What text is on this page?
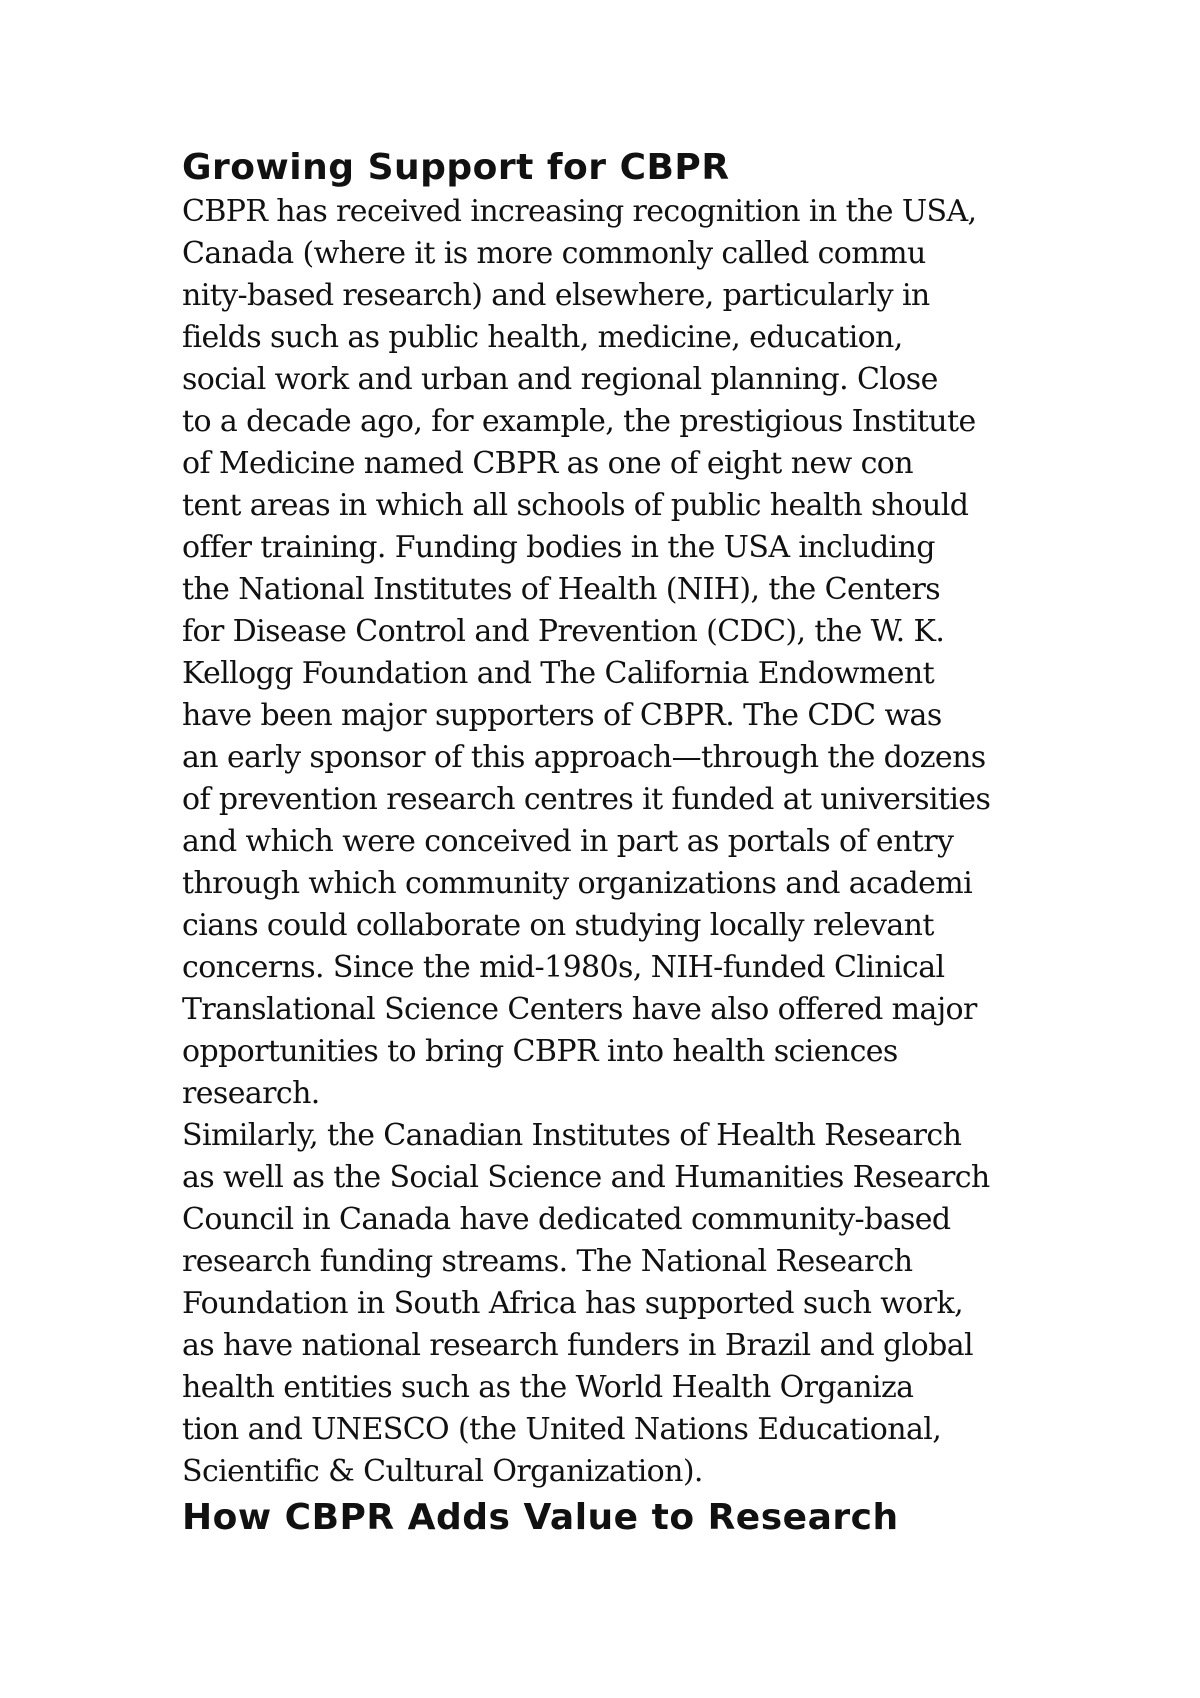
Growing Support for CBPR

CBPR has received increasing recognition in the USA,
Canada (where it is more commonly called commu
nity-based research) and elsewhere, particularly in
fields such as public health, medicine, education,
social work and urban and regional planning. Close
to a decade ago, for example, the prestigious Institute
of Medicine named CBPR as one of eight new con
tent areas in which all schools of public health should
offer training. Funding bodies in the USA including
the National Institutes of Health (NIH), the Centers
for Disease Control and Prevention (CDC), the W. K.
Kellogg Foundation and The California Endowment
have been major supporters of CBPR. The CDC was
an early sponsor of this approach—through the dozens
of prevention research centres it funded at universities
and which were conceived in part as portals of entry
through which community organizations and academi
cians could collaborate on studying locally relevant
concerns. Since the mid-1980s, NIH-funded Clinical
Translational Science Centers have also offered major
opportunities to bring CBPR into health sciences
research.

Similarly, the Canadian Institutes of Health Research
as well as the Social Science and Humanities Research
Council in Canada have dedicated community-based
research funding streams. The National Research
Foundation in South Africa has supported such work,
as have national research funders in Brazil and global
health entities such as the World Health Organiza
tion and UNESCO (the United Nations Educational,
Scientific & Cultural Organization).

How CBPR Adds Value to Research
